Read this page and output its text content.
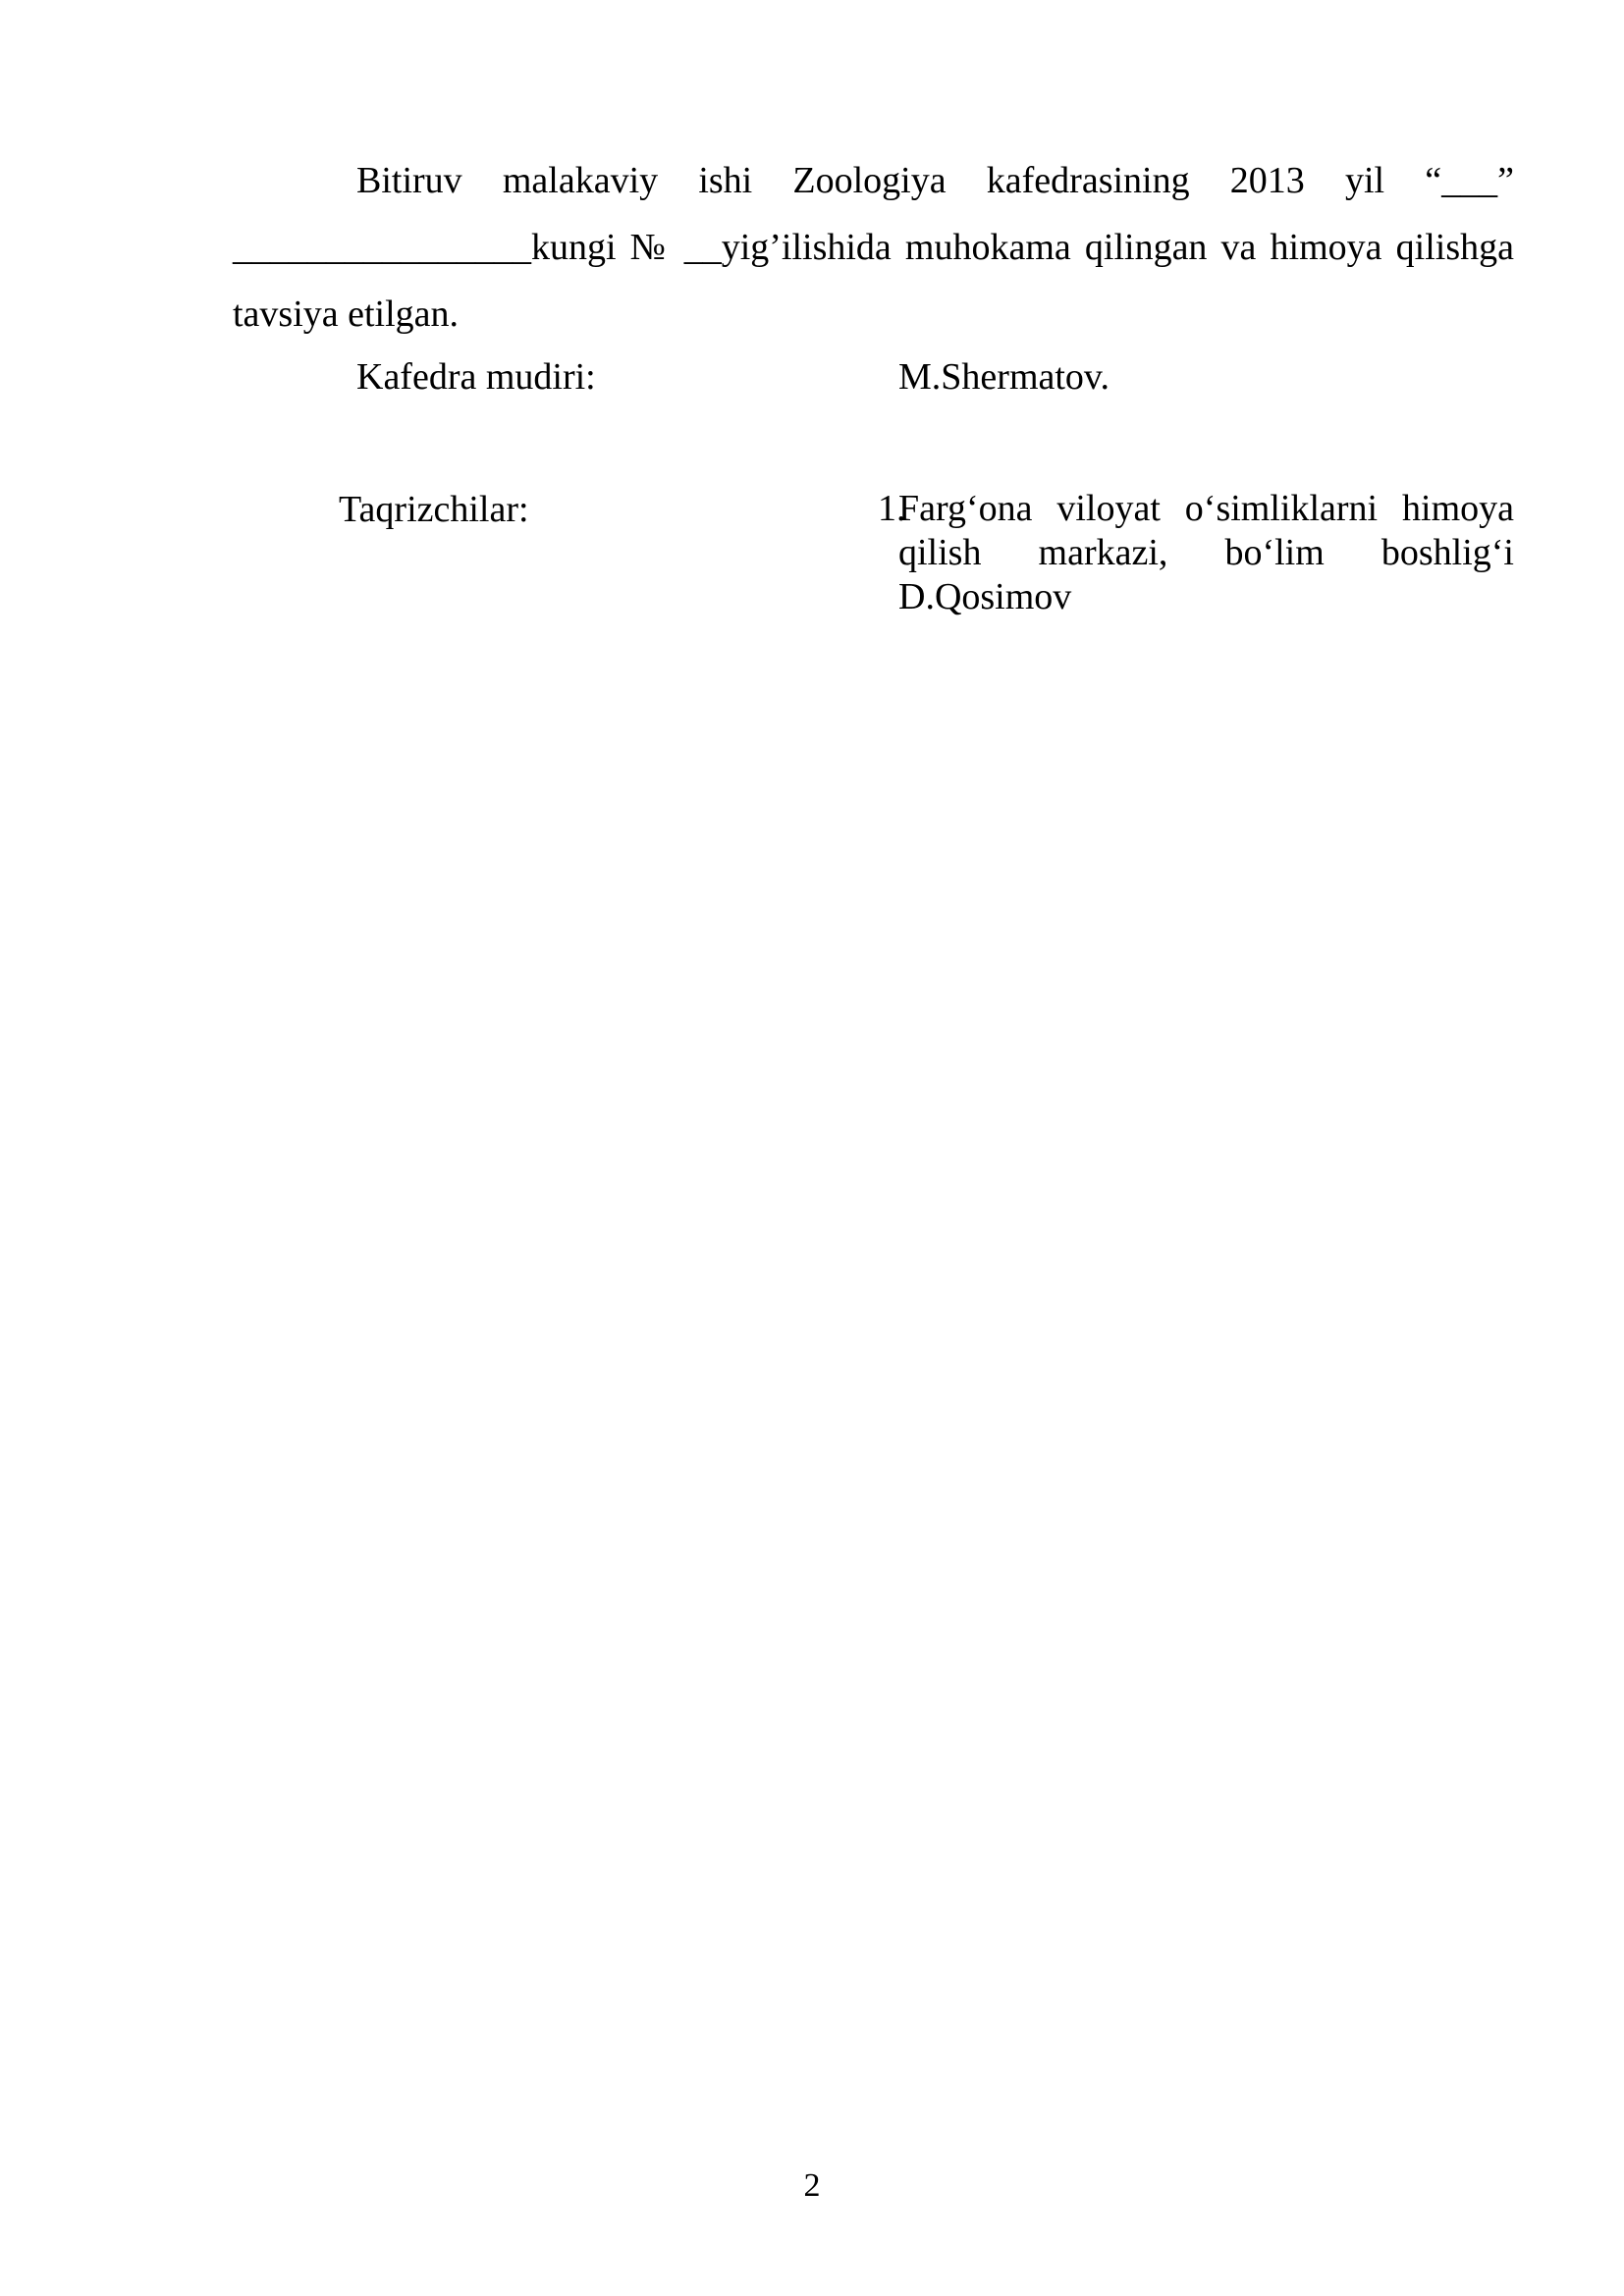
Bitiruv malakaviy ishi Zoologiya kafedrasining 2013 yil “___” ________________kungi № __yig’ilishida muhokama qilingan va himoya qilishga tavsiya etilgan.

Kafedra mudiri:	M.Shermatov.
Taqrizchilar:	1.
Farg‘ona viloyat o‘simliklarni himoya qilish markazi, bo‘lim boshlig‘i D.Qosimov
2
